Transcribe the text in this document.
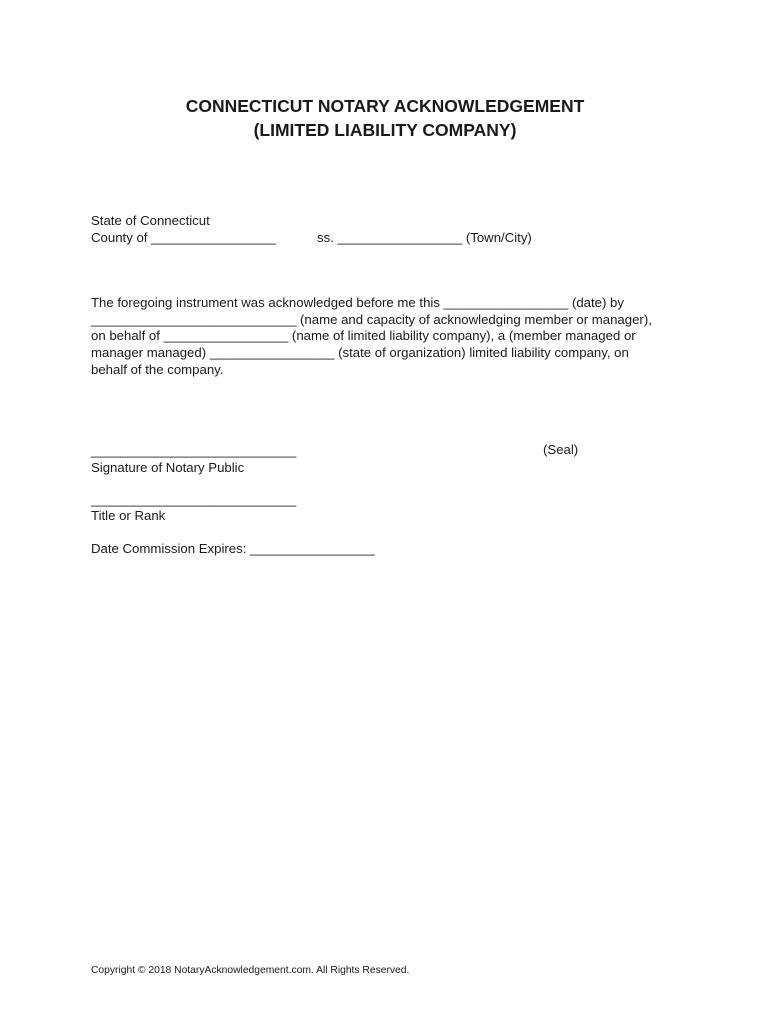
CONNECTICUT NOTARY ACKNOWLEDGEMENT
(LIMITED LIABILITY COMPANY)
State of Connecticut
County of _________________	ss. _________________ (Town/City)
The foregoing instrument was acknowledged before me this _________________ (date) by
____________________________ (name and capacity of acknowledging member or manager),
on behalf of _________________ (name of limited liability company), a (member managed or
manager managed) _________________ (state of organization) limited liability company, on
behalf of the company.
____________________________	(Seal)
Signature of Notary Public
____________________________
Title or Rank
Date Commission Expires: _________________
Copyright © 2018 NotaryAcknowledgement.com. All Rights Reserved.
